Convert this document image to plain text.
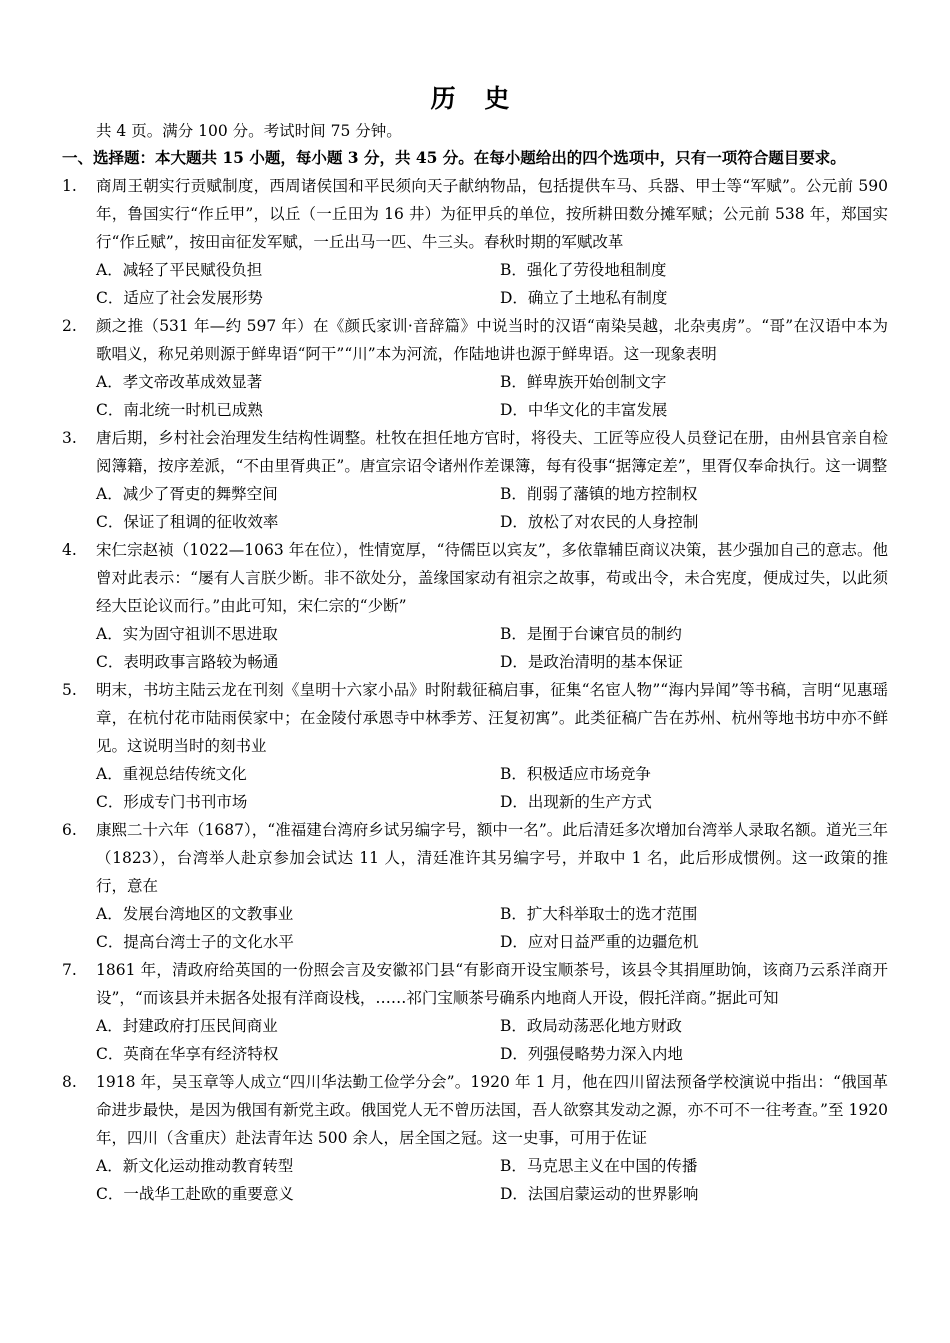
历 史
共 4 页。满分 100 分。考试时间 75 分钟。
一、选择题：本大题共 15 小题，每小题 3 分，共 45 分。在每小题给出的四个选项中，只有一项符合题目要求。
1.	商周王朝实行贡赋制度，西周诸侯国和平民须向天子献纳物品，包括提供车马、兵器、甲士等“军赋”。公元前 590 年，鲁国实行“作丘甲”，以丘（一丘田为 16 井）为征甲兵的单位，按所耕田数分摊军赋；公元前 538 年，郑国实行“作丘赋”，按田亩征发军赋，一丘出马一匹、牛三头。春秋时期的军赋改革
A．减轻了平民赋役负担	B．强化了劳役地租制度
C．适应了社会发展形势	D．确立了土地私有制度
2.	颜之推（531 年—约 597 年）在《颜氏家训·音辞篇》中说当时的汉语“南染吴越，北杂夷虏”。“哥”在汉语中本为歌唱义，称兄弟则源于鲜卑语“阿干”“川”本为河流，作陆地讲也源于鲜卑语。这一现象表明
A．孝文帝改革成效显著	B．鲜卑族开始创制文字
C．南北统一时机已成熟	D．中华文化的丰富发展
3.	唐后期，乡村社会治理发生结构性调整。杜牧在担任地方官时，将役夫、工匠等应役人员登记在册，由州县官亲自检阅簿籍，按序差派，“不由里胥典正”。唐宣宗诏令诸州作差课簿，每有役事“据簿定差”，里胥仅奉命执行。这一调整
A．减少了胥吏的舞弊空间	B．削弱了藩镇的地方控制权
C．保证了租调的征收效率	D．放松了对农民的人身控制
4.	宋仁宗赵祯（1022—1063 年在位），性情宽厚，“待儒臣以宾友”，多依靠辅臣商议决策，甚少强加自己的意志。他曾对此表示：“屡有人言朕少断。非不欲处分，盖缘国家动有祖宗之故事，苟或出令，未合宪度，便成过失，以此须经大臣论议而行。”由此可知，宋仁宗的“少断”
A．实为固守祖训不思进取	B．是囿于台谏官员的制约
C．表明政事言路较为畅通	D．是政治清明的基本保证
5.	明末，书坊主陆云龙在刊刻《皇明十六家小品》时附载征稿启事，征集“名宦人物”“海内异闻”等书稿，言明“见惠瑶章，在杭付花市陆雨侯家中；在金陵付承恩寺中林季芳、汪复初寓”。此类征稿广告在苏州、杭州等地书坊中亦不鲜见。这说明当时的刻书业
A．重视总结传统文化	B．积极适应市场竞争
C．形成专门书刊市场	D．出现新的生产方式
6.	康熙二十六年（1687），“准福建台湾府乡试另编字号，额中一名”。此后清廷多次增加台湾举人录取名额。道光三年（1823），台湾举人赴京参加会试达 11 人，清廷准许其另编字号，并取中 1 名，此后形成惯例。这一政策的推行，意在
A．发展台湾地区的文教事业	B．扩大科举取士的选才范围
C．提高台湾士子的文化水平	D．应对日益严重的边疆危机
7.	1861 年，清政府给英国的一份照会言及安徽祁门县“有影商开设宝顺茶号，该县令其捐厘助饷，该商乃云系洋商开设”，“而该县并未据各处报有洋商设栈，……祁门宝顺茶号确系内地商人开设，假托洋商。”据此可知
A．封建政府打压民间商业	B．政局动荡恶化地方财政
C．英商在华享有经济特权	D．列强侵略势力深入内地
8.	1918 年，吴玉章等人成立“四川华法勤工俭学分会”。1920 年 1 月，他在四川留法预备学校演说中指出：“俄国革命进步最快，是因为俄国有新党主政。俄国党人无不曾历法国，吾人欲察其发动之源，亦不可不一往考查。”至 1920 年，四川（含重庆）赴法青年达 500 余人，居全国之冠。这一史事，可用于佐证
A．新文化运动推动教育转型	B．马克思主义在中国的传播
C．一战华工赴欧的重要意义	D．法国启蒙运动的世界影响
